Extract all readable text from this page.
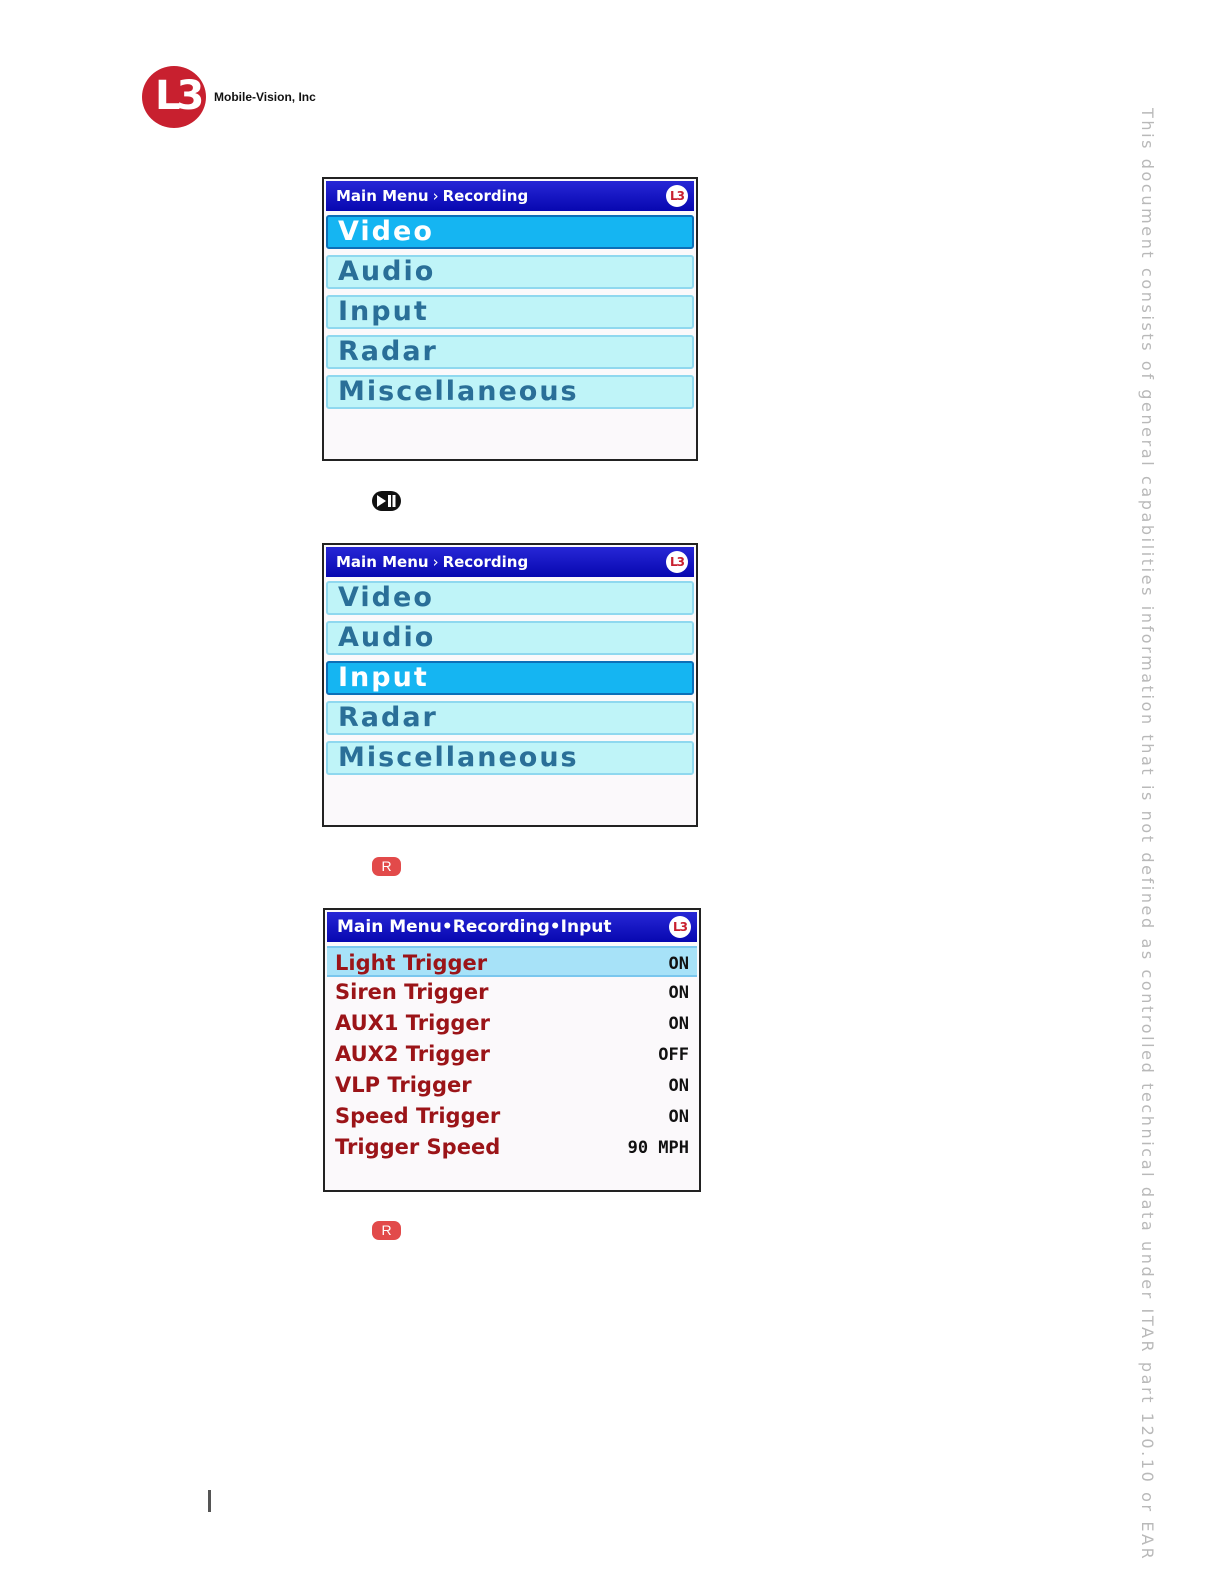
L3 Mobile-Vision, Inc
This document consists of general capabilities information that is not defined as controlled technical data under ITAR part 120.10 or EAR
Main Menu › Recording	L3
Video
Audio
Input
Radar
Miscellaneous
Main Menu › Recording	L3
Video
Audio
Input
Radar
Miscellaneous
R
Main Menu•Recording•Input	L3
Light Trigger	ON
Siren Trigger	ON
AUX1 Trigger	ON
AUX2 Trigger	OFF
VLP Trigger	ON
Speed Trigger	ON
Trigger Speed	90 MPH
R
